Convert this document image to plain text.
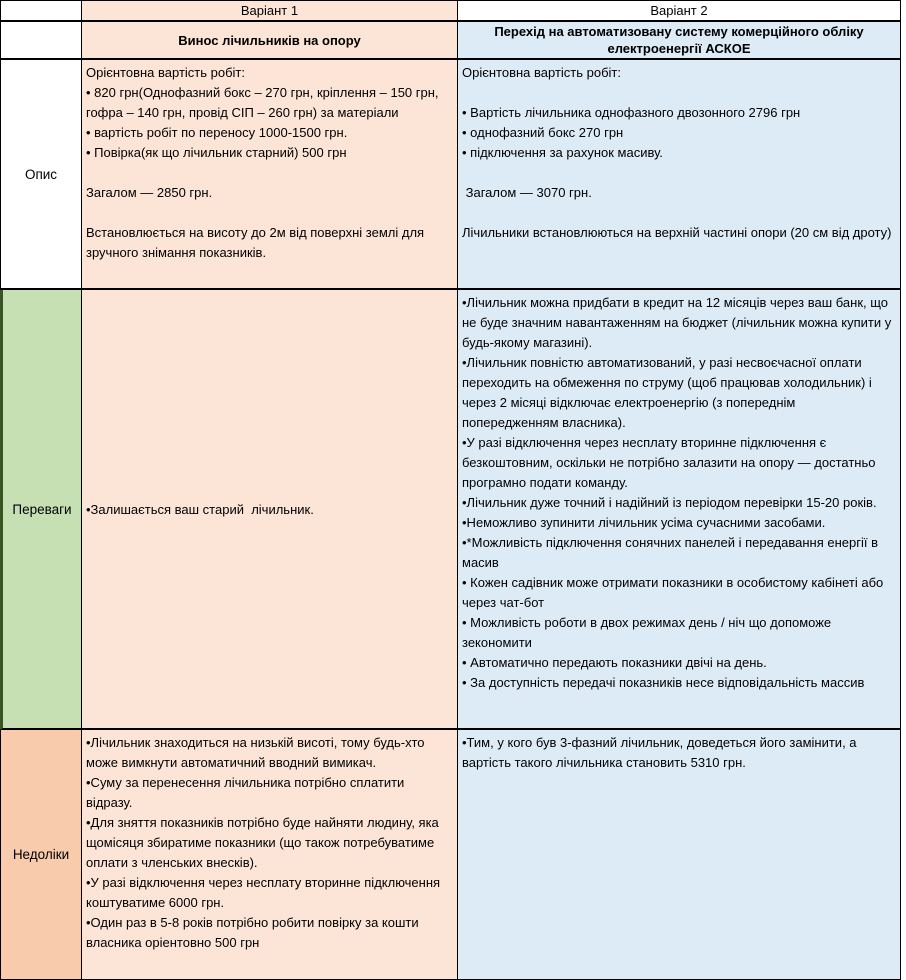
Варіант 1	Варіант 2
Винос лічильників на опору
Перехід на автоматизовану систему комерційного обліку електроенергії АСКОЕ
Опис
Орієнтовна вартість робіт:
• 820 грн(Однофазний бокс – 270 грн, кріплення – 150 грн, гофра – 140 грн, провід СІП – 260 грн) за матеріали
• вартість робіт по переносу 1000-1500 грн.
• Повірка(як що лічильник старний) 500 грн

Загалом — 2850 грн.

Встановлюється на висоту до 2м від поверхні землі для зручного знімання показників.
Орієнтовна вартість робіт:

• Вартість лічильника однофазного двозонного 2796 грн
• однофазний бокс 270 грн
• підключення за рахунок масиву.

Загалом — 3070 грн.

Лічильники встановлюються на верхній частині опори (20 см від дроту)
Переваги	•Залишається ваш старий  лічильник.
•Лічильник можна придбати в кредит на 12 місяців через ваш банк, що не буде значним навантаженням на бюджет (лічильник можна купити у будь-якому магазині).
•Лічильник повністю автоматизований, у разі несвоєчасної оплати переходить на обмеження по струму (щоб працював холодильник) і через 2 місяці відключає електроенергію (з попереднім попередженням власника).
•У разі відключення через несплату вторинне підключення є безкоштовним, оскільки не потрібно залазити на опору — достатньо програмно подати команду.
•Лічильник дуже точний і надійний із періодом перевірки 15-20 років.
•Неможливо зупинити лічильник усіма сучасними засобами.
•*Можливість підключення сонячних панелей і передавання енергії в масив
• Кожен садівник може отримати показники в особистому кабінеті або через чат-бот
• Можливість роботи в двох режимах день / ніч що допоможе зекономити
• Автоматично передають показники двічі на день.
• За доступність передачі показників несе відповідальність массив
Недоліки
•Лічильник знаходиться на низькій висоті, тому будь-хто може вимкнути автоматичний вводний вимикач.
•Суму за перенесення лічильника потрібно сплатити відразу.
•Для зняття показників потрібно буде найняти людину, яка щомісяця збиратиме показники (що також потребуватиме оплати з членських внесків).
•У разі відключення через несплату вторинне підключення коштуватиме 6000 грн.
•Один раз в 5-8 років потрібно робити повірку за кошти власника оріентовно 500 грн
•Тим, у кого був 3-фазний лічильник, доведеться його замінити, а вартість такого лічильника становить 5310 грн.
